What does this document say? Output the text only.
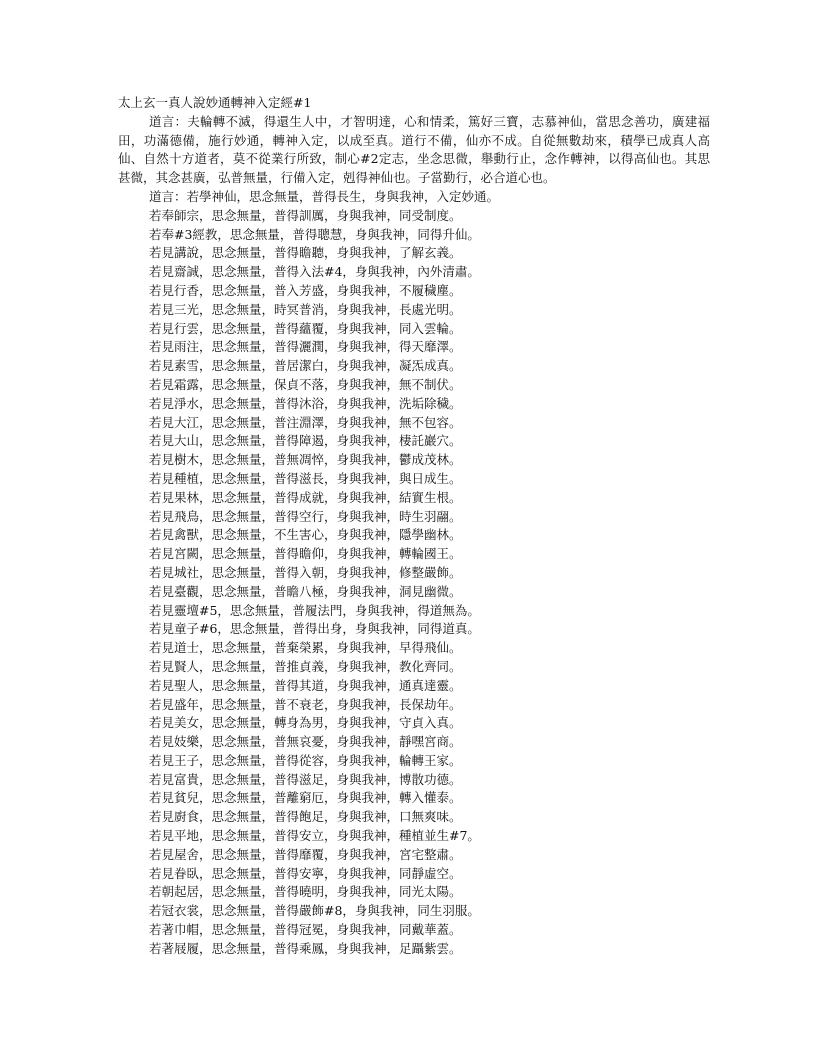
太上玄一真人說妙通轉神入定經#1

道言：夫輪轉不滅，得還生人中，才智明達，心和情柔，篤好三寶，志慕神仙，當思念善功，廣建福田，功滿德備，施行妙通，轉神入定，以成至真。道行不備，仙亦不成。自從無數劫來，積學已成真人高仙、自然十方道者，莫不從業行所致，制心#2定志，坐念思微，舉動行止，念作轉神，以得高仙也。其思甚微，其念甚廣，弘普無量，行備入定，剋得神仙也。子當勤行，必合道心也。

道言：若學神仙，思念無量，普得長生，身與我神，入定妙通。

若奉師宗，思念無量，普得訓厲，身與我神，同受制度。

若奉#3經教，思念無量，普得聰慧，身與我神，同得升仙。

若見講說，思念無量，普得瞻聽，身與我神，了解玄義。

若見齋誠，思念無量，普得入法#4，身與我神，內外清肅。

若見行香，思念無量，普入芳盛，身與我神，不履穢塵。

若見三光，思念無量，時冥普消，身與我神，長處光明。

若見行雲，思念無量，普得蘊覆，身與我神，同入雲輪。

若見雨注，思念無量，普得灑潤，身與我神，得天靡澤。

若見素雪，思念無量，普居潔白，身與我神，凝炁成真。

若見霜露，思念無量，保貞不落，身與我神，無不制伏。

若見淨水，思念無量，普得沐浴，身與我神，洗垢除穢。

若見大江，思念無量，普注淵澤，身與我神，無不包容。

若見大山，思念無量，普得障遏，身與我神，棲託巖穴。

若見樹木，思念無量，普無凋悴，身與我神，鬱成茂林。

若見種植，思念無量，普得滋長，身與我神，與日成生。

若見果林，思念無量，普得成就，身與我神，結實生根。

若見飛鳥，思念無量，普得空行，身與我神，時生羽翮。

若見禽獸，思念無量，不生害心，身與我神，隱學幽林。

若見宮闕，思念無量，普得瞻仰，身與我神，轉輪國王。

若見城社，思念無量，普得入朝，身與我神，修整嚴飾。

若見臺觀，思念無量，普瞻八極，身與我神，洞見幽微。

若見靈壇#5，思念無量，普履法門，身與我神，得道無為。

若見童子#6，思念無量，普得出身，身與我神，同得道真。

若見道士，思念無量，普棄榮累，身與我神，早得飛仙。

若見賢人，思念無量，普推貞義，身與我神，教化齊同。

若見聖人，思念無量，普得其道，身與我神，通真達靈。

若見盛年，思念無量，普不衰老，身與我神，長保劫年。

若見美女，思念無量，轉身為男，身與我神，守貞入真。

若見妓樂，思念無量，普無哀憂，身與我神，靜嘿宮商。

若見王子，思念無量，普得從容，身與我神，輪轉王家。

若見富貴，思念無量，普得滋足，身與我神，博散功德。

若見貧兒，思念無量，普離窮厄，身與我神，轉入懽泰。

若見廚食，思念無量，普得飽足，身與我神，口無爽味。

若見平地，思念無量，普得安立，身與我神，種植並生#7。

若見屋舍，思念無量，普得靡覆，身與我神，宮宅整肅。

若見眷臥，思念無量，普得安寧，身與我神，同靜虛空。

若朝起居，思念無量，普得曉明，身與我神，同光太陽。

若冠衣裳，思念無量，普得嚴飾#8，身與我神，同生羽服。

若著巾帽，思念無量，普得冠冕，身與我神，同戴華蓋。

若著屐履，思念無量，普得乘鳳，身與我神，足躡紫雲。
